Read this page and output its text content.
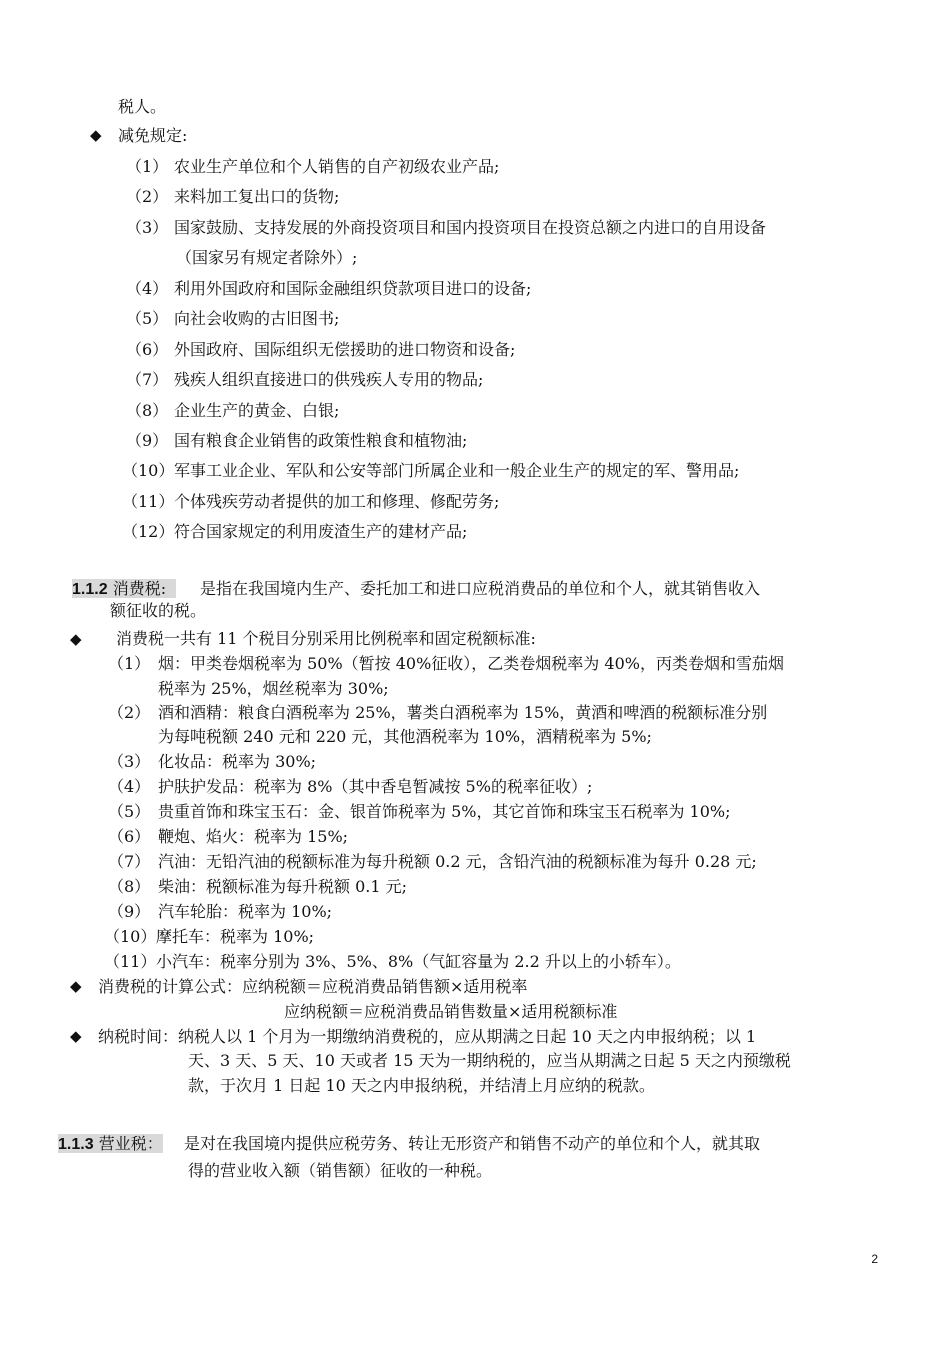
税人。
◆ 减免规定:
（1） 农业生产单位和个人销售的自产初级农业产品;
（2） 来料加工复出口的货物;
（3） 国家鼓励、支持发展的外商投资项目和国内投资项目在投资总额之内进口的自用设备
（国家另有规定者除外）;
（4） 利用外国政府和国际金融组织贷款项目进口的设备;
（5） 向社会收购的古旧图书;
（6） 外国政府、国际组织无偿援助的进口物资和设备;
（7） 残疾人组织直接进口的供残疾人专用的物品;
（8） 企业生产的黄金、白银;
（9） 国有粮食企业销售的政策性粮食和植物油;
（10） 军事工业企业、军队和公安等部门所属企业和一般企业生产的规定的军、警用品;
（11） 个体残疾劳动者提供的加工和修理、修配劳务;
（12） 符合国家规定的利用废渣生产的建材产品;
1.1.2 消费税:	是指在我国境内生产、委托加工和进口应税消费品的单位和个人，就其销售收入
额征收的税。
◆ 消费税一共有 11 个税目分别采用比例税率和固定税额标准:
（1） 烟：甲类卷烟税率为 50%（暂按 40%征收），乙类卷烟税率为 40%，丙类卷烟和雪茄烟
税率为 25%，烟丝税率为 30%;
（2） 酒和酒精：粮食白酒税率为 25%，薯类白酒税率为 15%，黄酒和啤酒的税额标准分别
为每吨税额 240 元和 220 元，其他酒税率为 10%，酒精税率为 5%;
（3） 化妆品：税率为 30%;
（4） 护肤护发品：税率为 8%（其中香皂暂减按 5%的税率征收）;
（5） 贵重首饰和珠宝玉石：金、银首饰税率为 5%，其它首饰和珠宝玉石税率为 10%;
（6） 鞭炮、焰火：税率为 15%;
（7） 汽油：无铅汽油的税额标准为每升税额 0.2 元，含铅汽油的税额标准为每升 0.28 元;
（8） 柴油：税额标准为每升税额 0.1 元;
（9） 汽车轮胎：税率为 10%;
（10） 摩托车：税率为 10%;
（11） 小汽车：税率分别为 3%、5%、8%（气缸容量为 2.2 升以上的小轿车）。
◆ 消费税的计算公式：应纳税额＝应税消费品销售额×适用税率
应纳税额＝应税消费品销售数量×适用税额标准
◆ 纳税时间：纳税人以 1 个月为一期缴纳消费税的，应从期满之日起 10 天之内申报纳税；以 1
天、3 天、5 天、10 天或者 15 天为一期纳税的，应当从期满之日起 5 天之内预缴税
款，于次月 1 日起 10 天之内申报纳税，并结清上月应纳的税款。
1.1.3 营业税： 是对在我国境内提供应税劳务、转让无形资产和销售不动产的单位和个人，就其取
得的营业收入额（销售额）征收的一种税。
2
